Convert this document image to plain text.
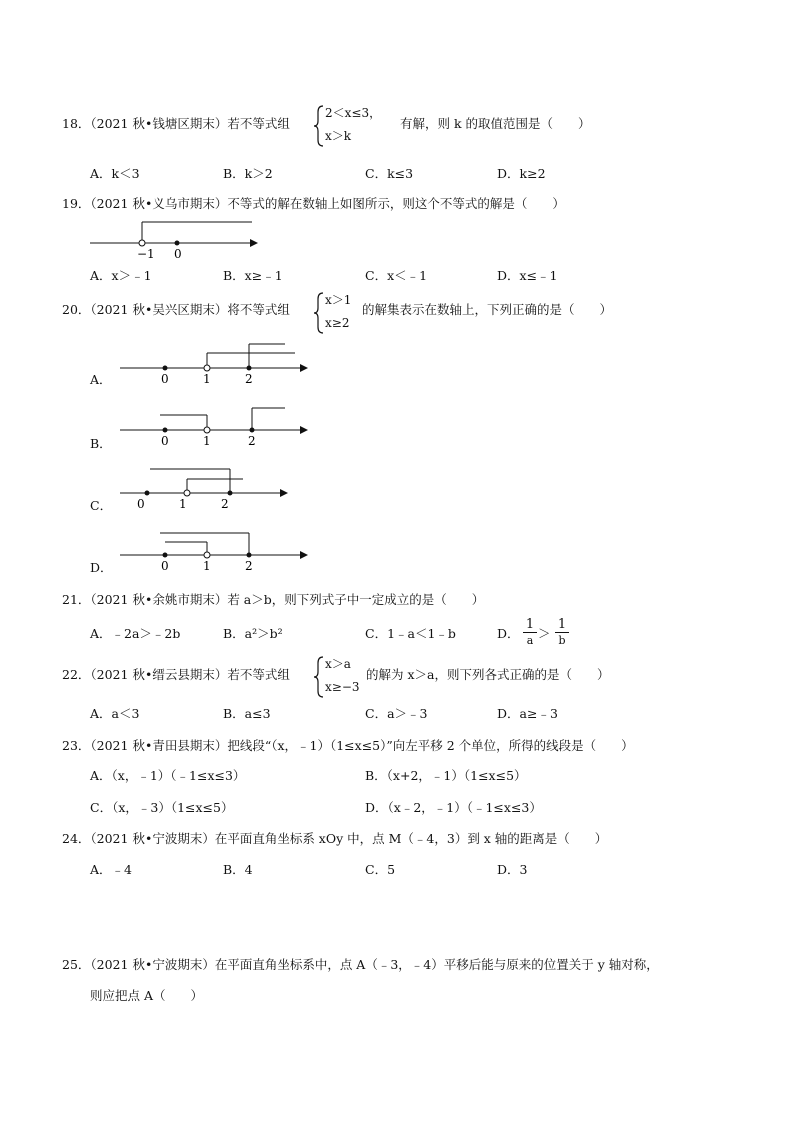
18．（2021 秋•钱塘区期末）若不等式组
2＜x≤3，
x＞k
有解，则 k 的取值范围是（　　）
A．k＜3	B．k＞2	C．k≤3	D．k≥2
19．（2021 秋•义乌市期末）不等式的解在数轴上如图所示，则这个不等式的解是（　　）
−1 0
A．x＞﹣1	B．x≥﹣1	C．x＜﹣1	D．x≤﹣1
20．（2021 秋•吴兴区期末）将不等式组
x＞1
x≥2
的解集表示在数轴上，下列正确的是（　　）
A．	0	1	2
B．	0	1	2
C． 0	1	2
D．	0	1	2
21．（2021 秋•余姚市期末）若 a＞b，则下列式子中一定成立的是（　　）
A．﹣2a＞﹣2b	B．a²＞b²	C．1﹣a＜1﹣b	D．
1
a ＞
1
b
22．（2021 秋•缙云县期末）若不等式组
x＞a
x≥−3
的解为 x＞a，则下列各式正确的是（　　）
A．a＜3	B．a≤3	C．a＞﹣3	D．a≥﹣3
23．（2021 秋•青田县期末）把线段“（x，﹣1）（1≤x≤5）”向左平移 2 个单位，所得的线段是（　　）
A．（x，﹣1）（﹣1≤x≤3）	B．（x+2，﹣1）（1≤x≤5）
C．（x，﹣3）（1≤x≤5）	D．（x﹣2，﹣1）（﹣1≤x≤3）
24．（2021 秋•宁波期末）在平面直角坐标系 xOy 中，点 M（﹣4，3）到 x 轴的距离是（　　）
A．﹣4	B．4	C．5	D．3
25．（2021 秋•宁波期末）在平面直角坐标系中，点 A（﹣3，﹣4）平移后能与原来的位置关于 y 轴对称，
则应把点 A（　　）
